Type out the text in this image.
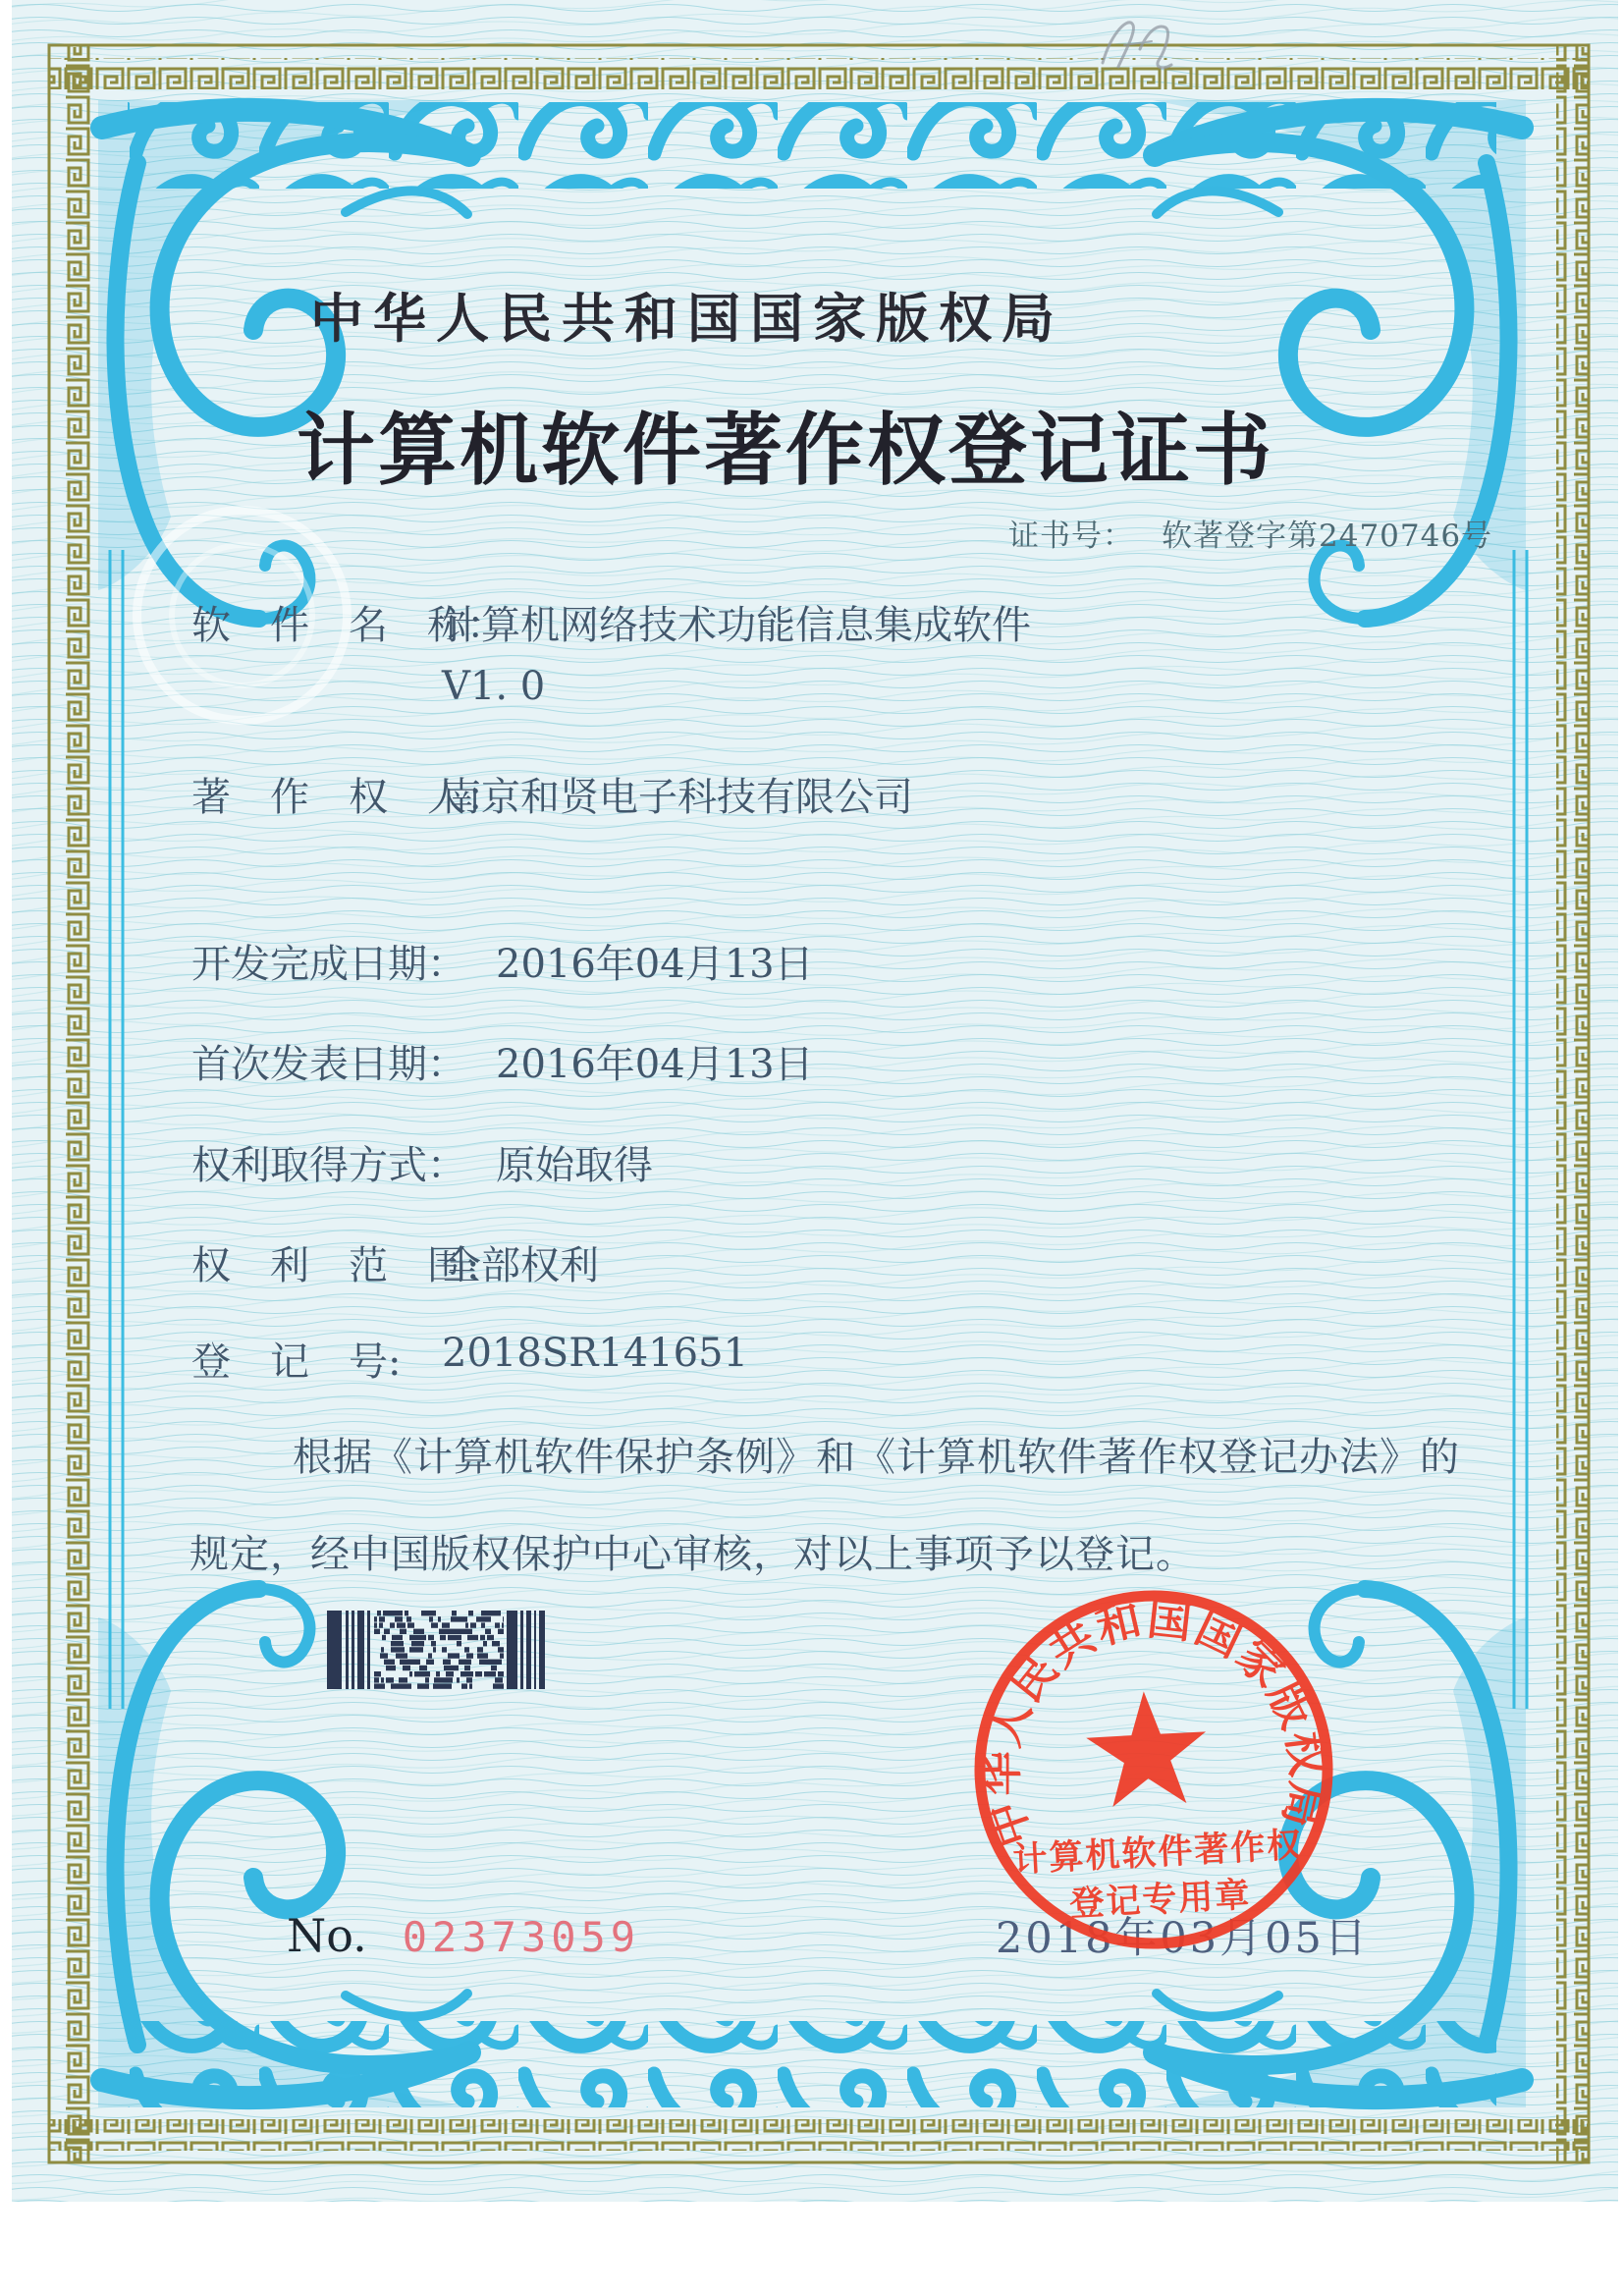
中华人民共和国国家版权局
计算机软件著作权登记证书
证书号： 软著登字第2470746号
软　件　名　称：
计算机网络技术功能信息集成软件
V1. 0
著　作　权　人：
南京和贤电子科技有限公司
开发完成日期： 2016年04月13日
首次发表日期： 2016年04月13日
权利取得方式： 原始取得
权　利　范　围:
全部权利
登　记　号: 2018SR141651
根据《计算机软件保护条例》和《计算机软件著作权登记办法》的
规定，经中国版权保护中心审核，对以上事项予以登记。
No. 02373059	2018年03月05日
中华人民共和国国家版权局
计算机软件著作权
登记专用章
